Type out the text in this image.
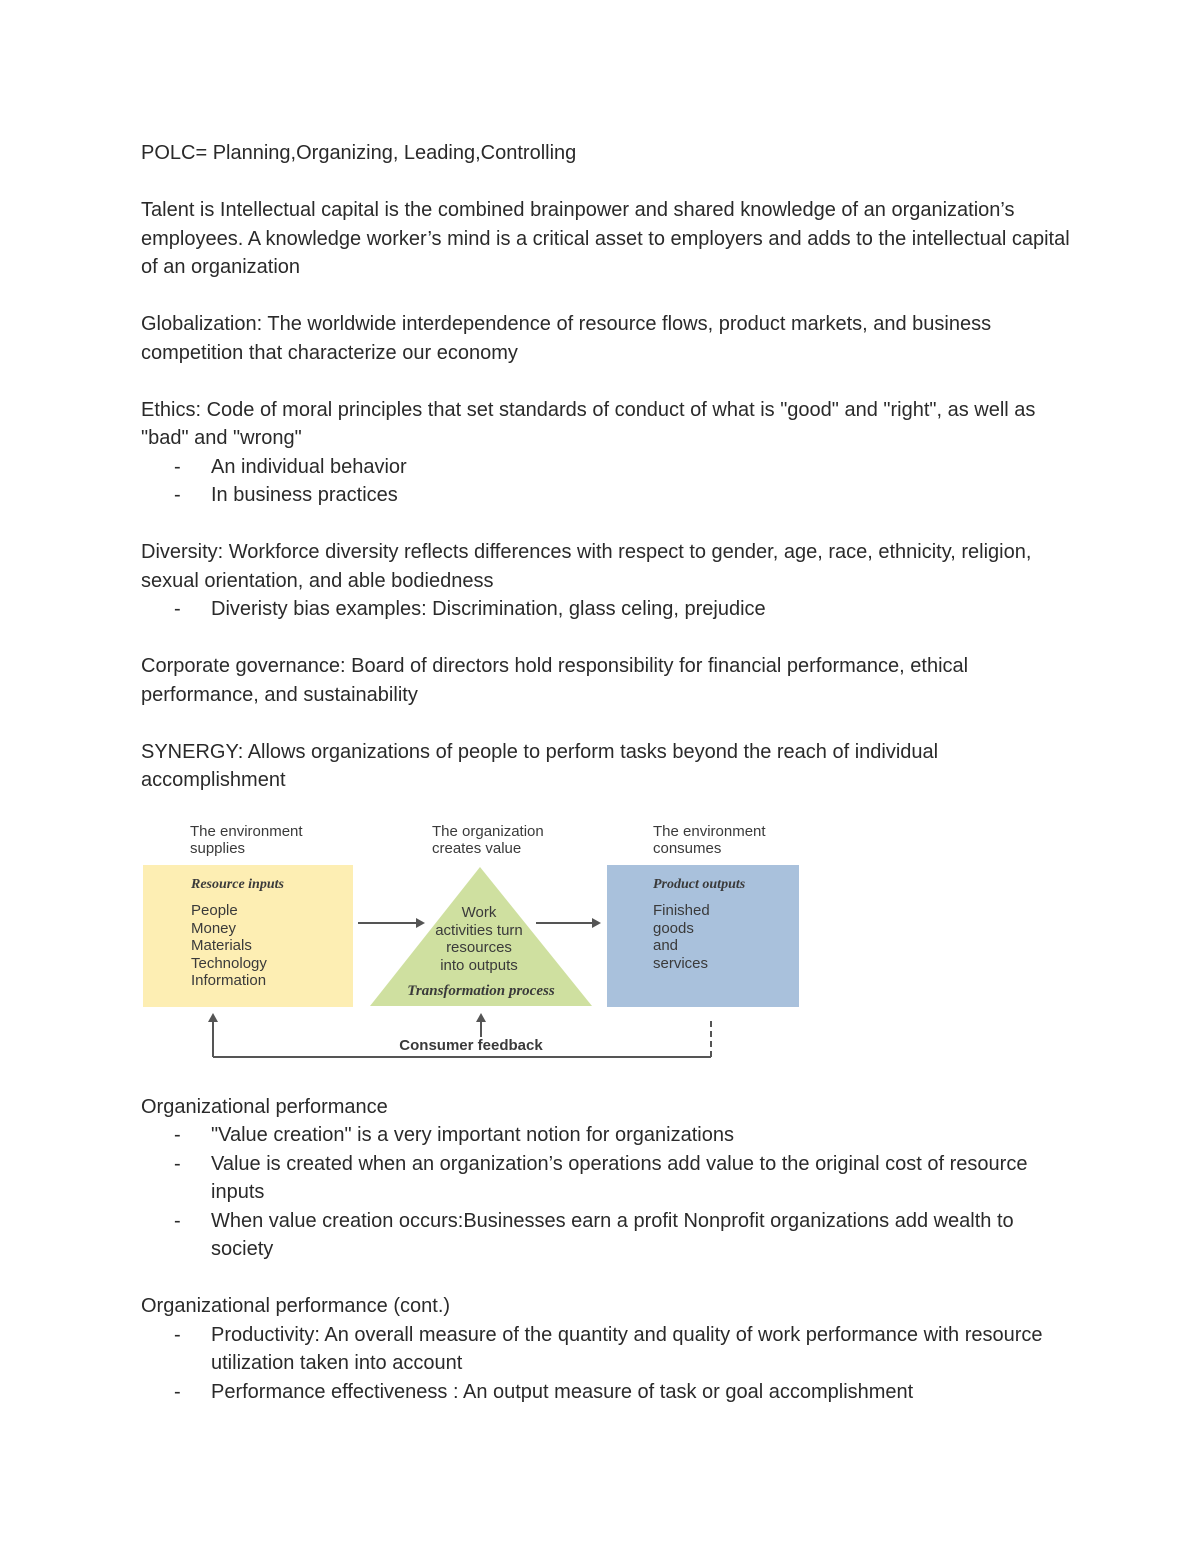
POLC= Planning,Organizing, Leading,Controlling

Talent is Intellectual capital is the combined brainpower and shared knowledge of an organization’s employees. A knowledge worker’s mind is a critical asset to employers and adds to the intellectual capital of an organization

Globalization: The worldwide interdependence of resource flows, product markets, and business competition that characterize our economy

Ethics: Code of moral principles that set standards of conduct of what is "good" and "right", as well as "bad" and "wrong"

- An individual behavior
- In business practices

Diversity: Workforce diversity reflects differences with respect to gender, age, race, ethnicity, religion, sexual orientation, and able bodiedness

- Diveristy bias examples: Discrimination, glass celing, prejudice

Corporate governance: Board of directors hold responsibility for financial performance, ethical performance, and sustainability

SYNERGY: Allows organizations of people to perform tasks beyond the reach of individual accomplishment

Organizational performance

- "Value creation" is a very important notion for organizations
- Value is created when an organization’s operations add value to the original cost of resource inputs
- When value creation occurs:Businesses earn a profit Nonprofit organizations add wealth to society

Organizational performance (cont.)

- Productivity: An overall measure of the quantity and quality of work performance with resource utilization taken into account
- Performance effectiveness : An output measure of task or goal accomplishment
The environment
supplies
The organization
creates value
The environment
consumes
Resource inputs
People
Money
Materials
Technology
Information
Work
activities turn
resources
into outputs
Transformation process
Product outputs
Finished
goods
and
services
Consumer feedback
